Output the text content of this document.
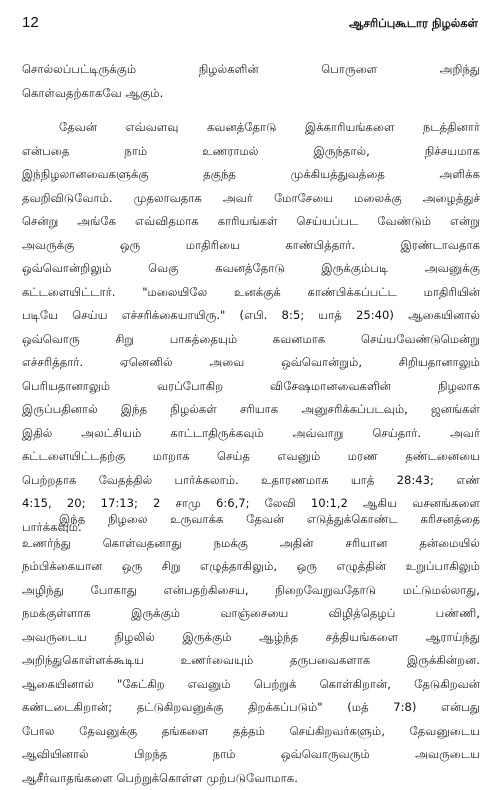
12	ஆசரிப்புகூடார நிழல்கள்
சொல்லப்பட்டிருக்கும் நிழல்களின் பொருளை அறிந்து
கொள்வதற்காகவே ஆகும்.
தேவன் எவ்வளவு கவனத்தோடு இக்காரியங்களை நடத்தினார்
என்பதை நாம் உணராமல் இருந்தால், நிச்சயமாக
இந்நிழலானவைகளுக்கு தகுந்த முக்கியத்துவத்தை அளிக்க
தவறிவிடுவோம். முதலாவதாக அவர் மோசேயை மலைக்கு அழைத்துச்
சென்று அங்கே எவ்விதமாக காரியங்கள் செய்யப்பட வேண்டும் என்று
அவருக்கு ஒரு மாதிரியை காண்பித்தார். இரண்டாவதாக
ஒவ்வொன்றிலும் வெகு கவனத்தோடு இருக்கும்படி அவனுக்கு
கட்டளையிட்டார். "மலையிலே உனக்குக் காண்பிக்கப்பட்ட மாதிரியின்
படியே செய்ய எச்சரிக்கையாயிரு." (எபி. 8:5; யாத் 25:40) ஆகையினால்
ஒவ்வொரு சிறு பாகத்தையும் கவனமாக செய்யவேண்டுமென்று
எச்சரித்தார். ஏனெனில் அவை ஒவ்வொன்றும், சிறியதானாலும்
பெரியதானாலும் வரப்போகிற விசேஷமானவைகளின் நிழலாக
இருப்பதினால் இந்த நிழல்கள் சரியாக அனுசரிக்கப்படவும், ஜனங்கள்
இதில் அலட்சியம் காட்டாதிருக்கவும் அவ்வாறு செய்தார். அவர்
கட்டளையிட்டதற்கு மாறாக செய்த எவனும் மரண தண்டனையை
பெற்றதாக வேதத்தில் பார்க்கலாம். உதாரணமாக யாத் 28:43; எண்
4:15, 20; 17:13; 2 சாமு 6:6,7; லேவி 10:1,2 ஆகிய வசனங்களை
பார்க்கவும்.
இந்த நிழலை உருவாக்க தேவன் எடுத்துக்கொண்ட கரிசனத்தை
உணர்ந்து கொள்வதனாது நமக்கு அதின் சரியான தன்மையில்
நம்பிக்கையான ஒரு சிறு எழுத்தாகிலும், ஒரு எழுத்தின் உறுப்பாகிலும்
அழிந்து போகாது என்பதற்கிசைய, நிறைவேறுவதோடு மட்டுமல்லாது,
நமக்குள்ளாக இருக்கும் வாஞ்சையை விழித்தெழப் பண்ணி,
அவருடைய நிழலில் இருக்கும் ஆழ்ந்த சத்தியங்களை ஆராய்ந்து
அறிந்துகொள்ளக்கூடிய உணர்வையும் தருபவைகளாக இருக்கின்றன.
ஆகையினால் "கேட்கிற எவனும் பெற்றுக் கொள்கிறான், தேடுகிறவன்
கண்டடைகிறான்; தட்டுகிறவனுக்கு திறக்கப்படும்" (மத் 7:8) என்பது
போல தேவனுக்கு தங்களை தத்தம் செய்கிறவர்களும், தேவனுடைய
ஆவியினால் பிறந்த நாம் ஒவ்வொருவரும் அவருடைய
ஆசீர்வாதங்களை பெற்றுக்கொள்ள முற்படுவோமாக.
